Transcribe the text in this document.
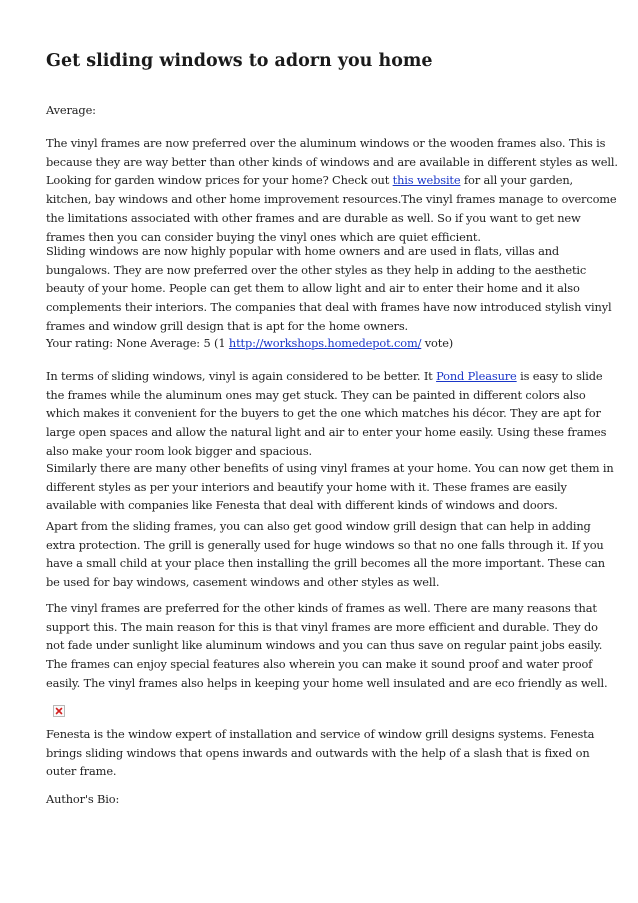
Get sliding windows to adorn you home

Average:

The vinyl frames are now preferred over the aluminum windows or the wooden frames also. This is
because they are way better than other kinds of windows and are available in different styles as well.
Looking for garden window prices for your home? Check out this website for all your garden,
kitchen, bay windows and other home improvement resources.The vinyl frames manage to overcome
the limitations associated with other frames and are durable as well. So if you want to get new
frames then you can consider buying the vinyl ones which are quiet efficient.

Sliding windows are now highly popular with home owners and are used in flats, villas and
bungalows. They are now preferred over the other styles as they help in adding to the aesthetic
beauty of your home. People can get them to allow light and air to enter their home and it also
complements their interiors. The companies that deal with frames have now introduced stylish vinyl
frames and window grill design that is apt for the home owners.

Your rating: None Average: 5 (1 http://workshops.homedepot.com/ vote)

In terms of sliding windows, vinyl is again considered to be better. It Pond Pleasure is easy to slide
the frames while the aluminum ones may get stuck. They can be painted in different colors also
which makes it convenient for the buyers to get the one which matches his décor. They are apt for
large open spaces and allow the natural light and air to enter your home easily. Using these frames
also make your room look bigger and spacious.

Similarly there are many other benefits of using vinyl frames at your home. You can now get them in
different styles as per your interiors and beautify your home with it. These frames are easily
available with companies like Fenesta that deal with different kinds of windows and doors.

Apart from the sliding frames, you can also get good window grill design that can help in adding
extra protection. The grill is generally used for huge windows so that no one falls through it. If you
have a small child at your place then installing the grill becomes all the more important. These can
be used for bay windows, casement windows and other styles as well.

The vinyl frames are preferred for the other kinds of frames as well. There are many reasons that
support this. The main reason for this is that vinyl frames are more efficient and durable. They do
not fade under sunlight like aluminum windows and you can thus save on regular paint jobs easily.
The frames can enjoy special features also wherein you can make it sound proof and water proof
easily. The vinyl frames also helps in keeping your home well insulated and are eco friendly as well.

Fenesta is the window expert of installation and service of window grill designs systems. Fenesta
brings sliding windows that opens inwards and outwards with the help of a slash that is fixed on
outer frame.

Author's Bio:
